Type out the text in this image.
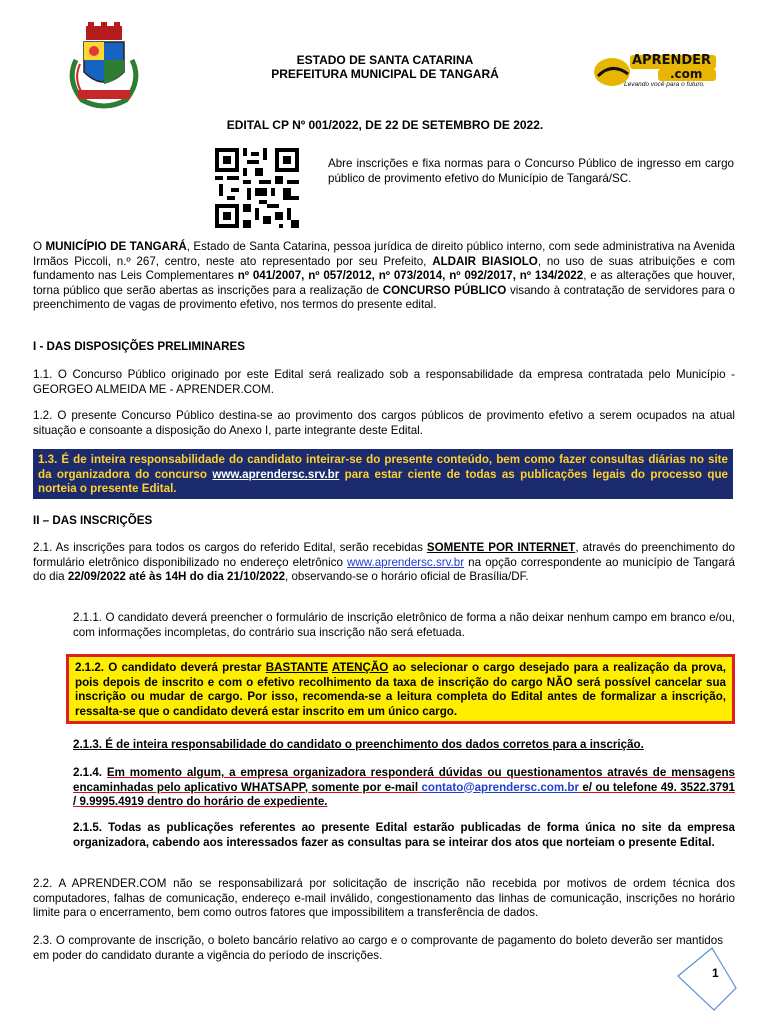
ESTADO DE SANTA CATARINA
PREFEITURA MUNICIPAL DE TANGARÁ
APRENDER
.com
Levando você para o futuro.
EDITAL CP Nº 001/2022, DE 22 DE SETEMBRO DE 2022.
Abre inscrições e fixa normas para o Concurso Público de ingresso em cargo público de provimento efetivo do Município de Tangará/SC.
O MUNICÍPIO DE TANGARÁ, Estado de Santa Catarina, pessoa jurídica de direito público interno, com sede administrativa na Avenida Irmãos Piccoli, n.º 267, centro, neste ato representado por seu Prefeito, ALDAIR BIASIOLO, no uso de suas atribuições e com fundamento nas Leis Complementares nº 041/2007, nº 057/2012, nº 073/2014, nº 092/2017, nº 134/2022, e as alterações que houver, torna público que serão abertas as inscrições para a realização de CONCURSO PÚBLICO visando à contratação de servidores para o preenchimento de vagas de provimento efetivo, nos termos do presente edital.
I - DAS DISPOSIÇÕES PRELIMINARES
1.1. O Concurso Público originado por este Edital será realizado sob a responsabilidade da empresa contratada pelo Município - GEORGEO ALMEIDA ME - APRENDER.COM.
1.2. O presente Concurso Público destina-se ao provimento dos cargos públicos de provimento efetivo a serem ocupados na atual situação e consoante a disposição do Anexo I, parte integrante deste Edital.
1.3. É de inteira responsabilidade do candidato inteirar-se do presente conteúdo, bem como fazer consultas diárias no site da organizadora do concurso www.aprendersc.srv.br para estar ciente de todas as publicações legais do processo que norteia o presente Edital.
II – DAS INSCRIÇÕES
2.1. As inscrições para todos os cargos do referido Edital, serão recebidas SOMENTE POR INTERNET, através do preenchimento do formulário eletrônico disponibilizado no endereço eletrônico www.aprendersc.srv.br na opção correspondente ao município de Tangará do dia 22/09/2022 até às 14H do dia 21/10/2022, observando-se o horário oficial de Brasília/DF.
2.1.1. O candidato deverá preencher o formulário de inscrição eletrônico de forma a não deixar nenhum campo em branco e/ou, com informações incompletas, do contrário sua inscrição não será efetuada.
2.1.2. O candidato deverá prestar BASTANTE ATENÇÃO ao selecionar o cargo desejado para a realização da prova, pois depois de inscrito e com o efetivo recolhimento da taxa de inscrição do cargo NÃO será possível cancelar sua inscrição ou mudar de cargo. Por isso, recomenda-se a leitura completa do Edital antes de formalizar a inscrição, ressalta-se que o candidato deverá estar inscrito em um único cargo.
2.1.3. É de inteira responsabilidade do candidato o preenchimento dos dados corretos para a inscrição.
2.1.4. Em momento algum, a empresa organizadora responderá dúvidas ou questionamentos através de mensagens encaminhadas pelo aplicativo WHATSAPP, somente por e-mail contato@aprendersc.com.br e/ ou telefone 49. 3522.3791 / 9.9995.4919 dentro do horário de expediente.
2.1.5. Todas as publicações referentes ao presente Edital estarão publicadas de forma única no site da empresa organizadora, cabendo aos interessados fazer as consultas para se inteirar dos atos que norteiam o presente Edital.
2.2. A APRENDER.COM não se responsabilizará por solicitação de inscrição não recebida por motivos de ordem técnica dos computadores, falhas de comunicação, endereço e-mail inválido, congestionamento das linhas de comunicação, inscrições no horário limite para o encerramento, bem como outros fatores que impossibilitem a transferência de dados.
2.3. O comprovante de inscrição, o boleto bancário relativo ao cargo e o comprovante de pagamento do boleto deverão ser mantidos em poder do candidato durante a vigência do período de inscrições.
1
